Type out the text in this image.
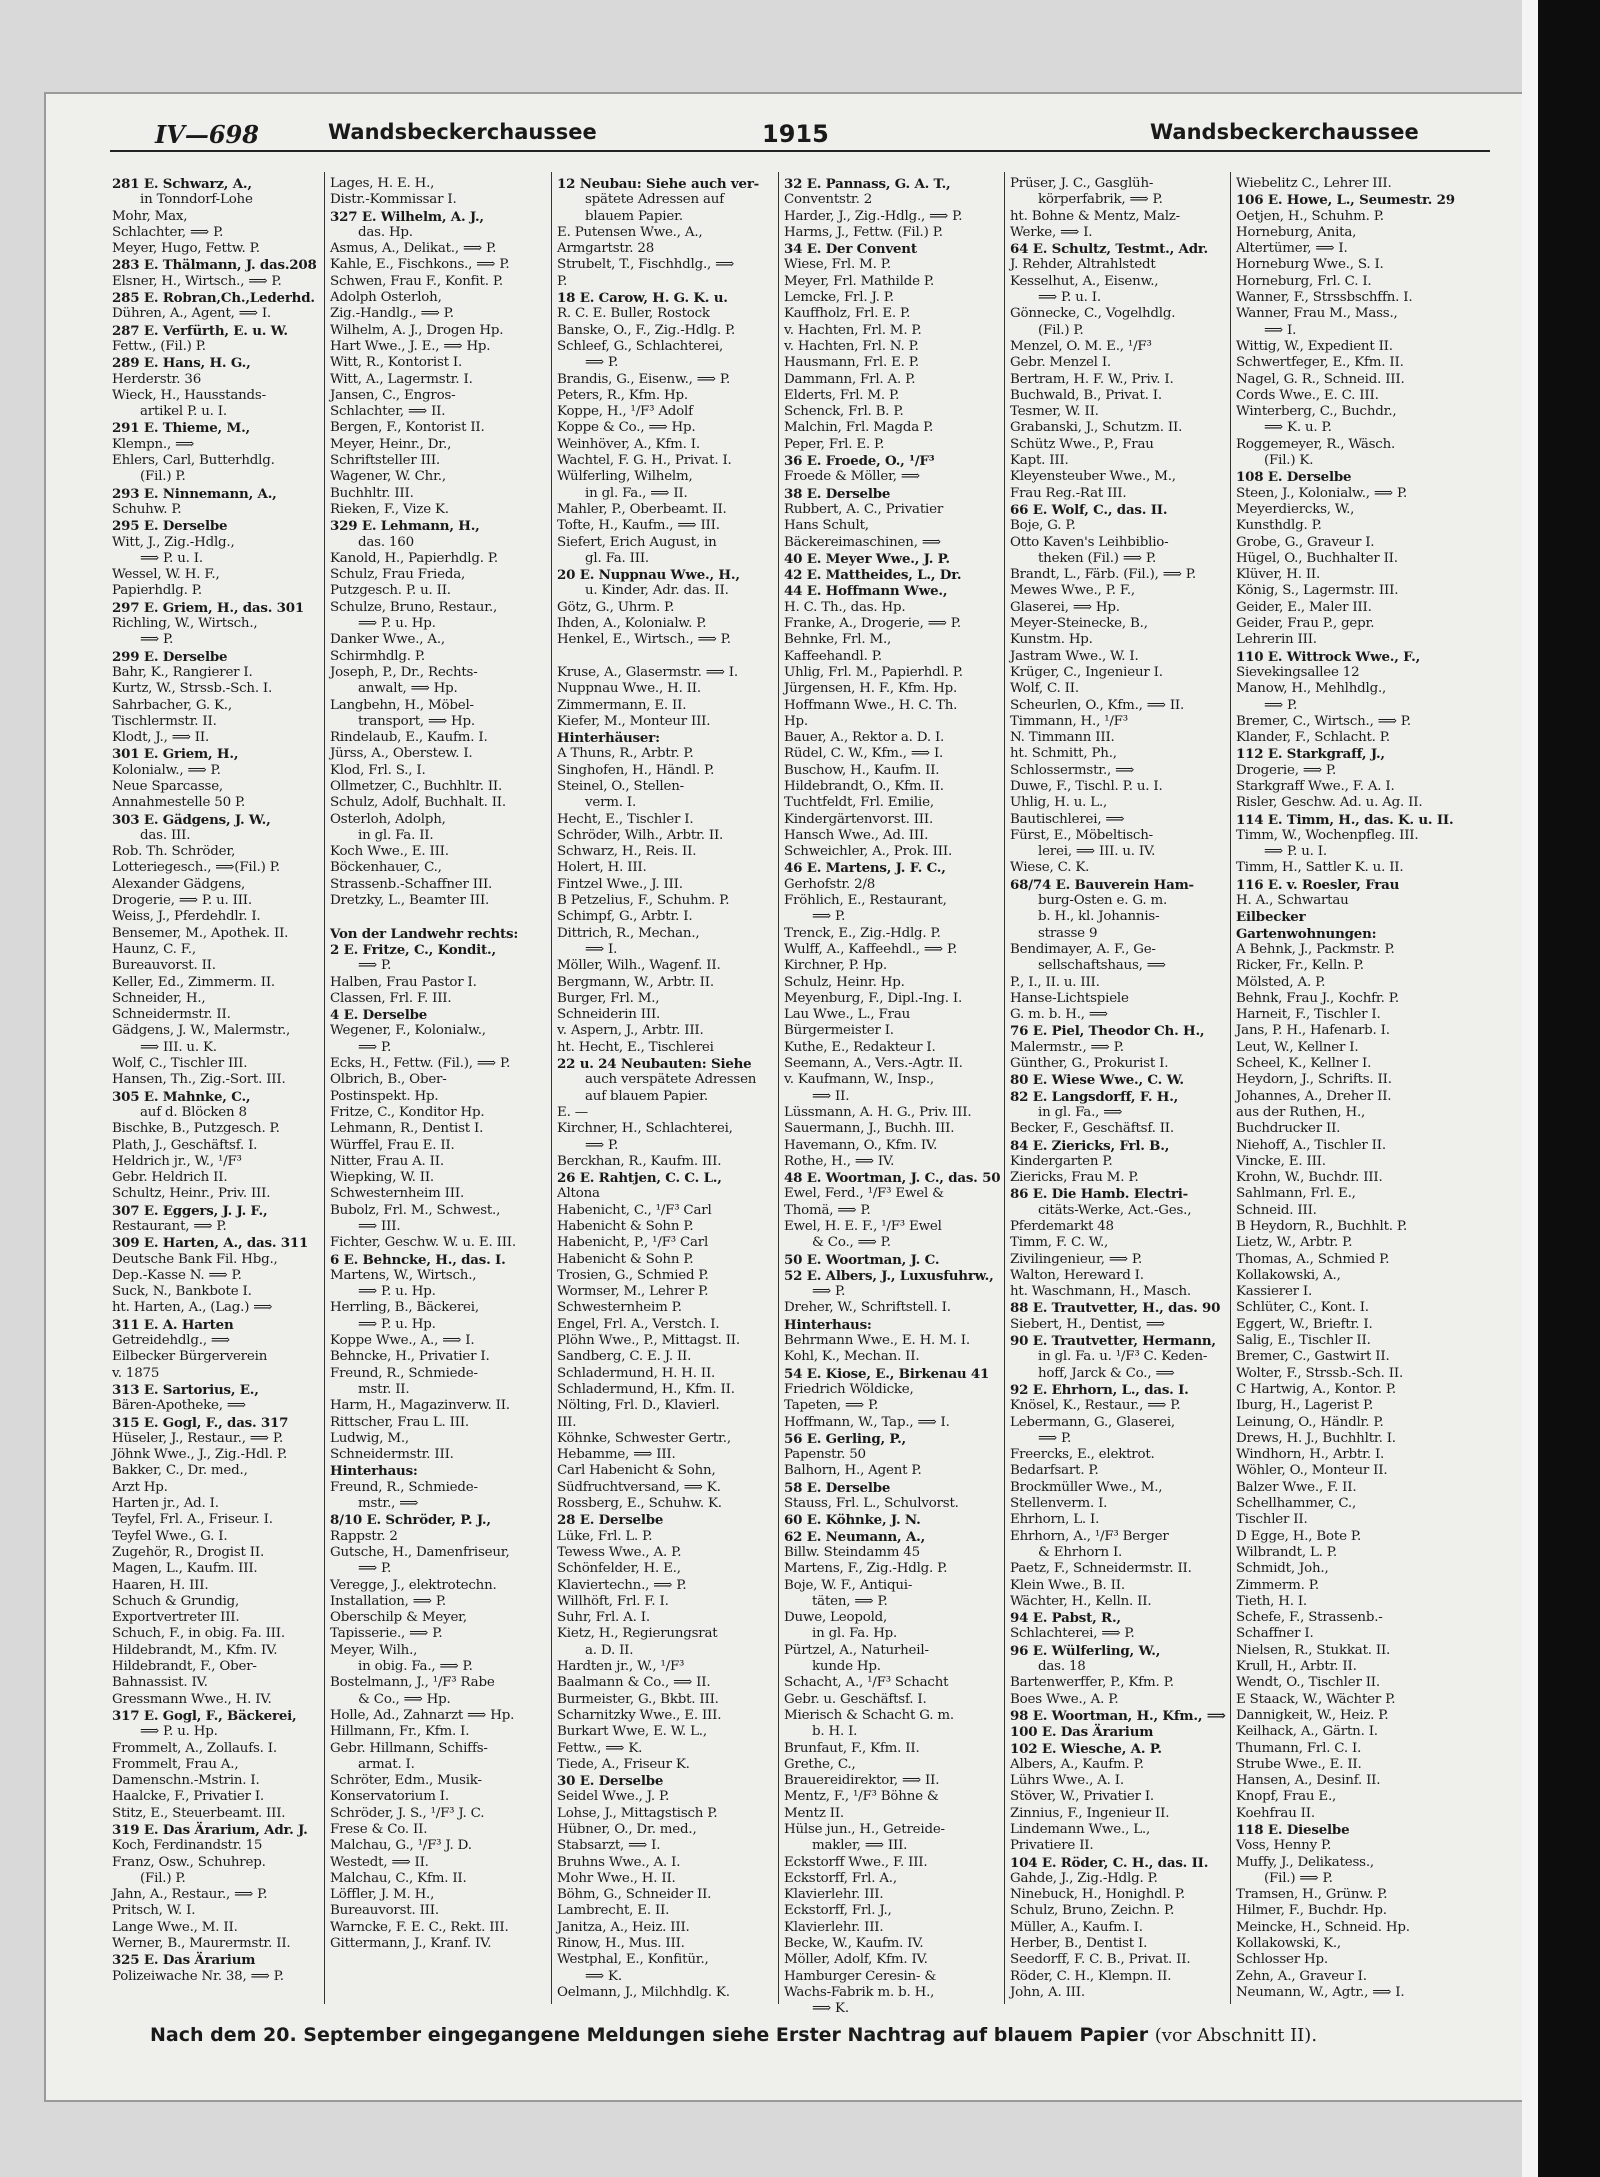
IV—698	Wandsbeckerchaussee	1915	Wandsbeckerchaussee
281 E. Schwarz, A.,
in Tonndorf-Lohe
Mohr, Max,
Schlachter, ⟹ P.
Meyer, Hugo, Fettw. P.
283 E. Thälmann, J. das.208
Elsner, H., Wirtsch., ⟹ P.
285 E. Robran,Ch.,Lederhd.
Dühren, A., Agent, ⟹ I.
287 E. Verfürth, E. u. W.
Fettw., (Fil.) P.
289 E. Hans, H. G.,
Herderstr. 36
Wieck, H., Hausstands-
artikel P. u. I.
291 E. Thieme, M.,
Klempn., ⟹
Ehlers, Carl, Butterhdlg.
(Fil.) P.
293 E. Ninnemann, A.,
Schuhw. P.
295 E. Derselbe
Witt, J., Zig.-Hdlg.,
⟹ P. u. I.
Wessel, W. H. F.,
Papierhdlg. P.
297 E. Griem, H., das. 301
Richling, W., Wirtsch.,
⟹ P.
299 E. Derselbe
Bahr, K., Rangierer I.
Kurtz, W., Strssb.-Sch. I.
Sahrbacher, G. K.,
Tischlermstr. II.
Klodt, J., ⟹ II.
301 E. Griem, H.,
Kolonialw., ⟹ P.
Neue Sparcasse,
Annahmestelle 50 P.
303 E. Gädgens, J. W.,
das. III.
Rob. Th. Schröder,
Lotteriegesch., ⟹(Fil.) P.
Alexander Gädgens,
Drogerie, ⟹ P. u. III.
Weiss, J., Pferdehdlr. I.
Bensemer, M., Apothek. II.
Haunz, C. F.,
Bureauvorst. II.
Keller, Ed., Zimmerm. II.
Schneider, H.,
Schneidermstr. II.
Gädgens, J. W., Malermstr.,
⟹ III. u. K.
Wolf, C., Tischler III.
Hansen, Th., Zig.-Sort. III.
305 E. Mahnke, C.,
auf d. Blöcken 8
Bischke, B., Putzgesch. P.
Plath, J., Geschäftsf. I.
Heldrich jr., W., ¹/F³
Gebr. Heldrich II.
Schultz, Heinr., Priv. III.
307 E. Eggers, J. J. F.,
Restaurant, ⟹ P.
309 E. Harten, A., das. 311
Deutsche Bank Fil. Hbg.,
Dep.-Kasse N. ⟹ P.
Suck, N., Bankbote I.
ht. Harten, A., (Lag.) ⟹
311 E. A. Harten
Getreidehdlg., ⟹
Eilbecker Bürgerverein
v. 1875
313 E. Sartorius, E.,
Bären-Apotheke, ⟹
315 E. Gogl, F., das. 317
Hüseler, J., Restaur., ⟹ P.
Jöhnk Wwe., J., Zig.-Hdl. P.
Bakker, C., Dr. med.,
Arzt Hp.
Harten jr., Ad. I.
Teyfel, Frl. A., Friseur. I.
Teyfel Wwe., G. I.
Zugehör, R., Drogist II.
Magen, L., Kaufm. III.
Haaren, H. III.
Schuch & Grundig,
Exportvertreter III.
Schuch, F., in obig. Fa. III.
Hildebrandt, M., Kfm. IV.
Hildebrandt, F., Ober-
Bahnassist. IV.
Gressmann Wwe., H. IV.
317 E. Gogl, F., Bäckerei,
⟹ P. u. Hp.
Frommelt, A., Zollaufs. I.
Frommelt, Frau A.,
Damenschn.-Mstrin. I.
Haalcke, F., Privatier I.
Stitz, E., Steuerbeamt. III.
319 E. Das Ärarium, Adr. J.
Koch, Ferdinandstr. 15
Franz, Osw., Schuhrep.
(Fil.) P.
Jahn, A., Restaur., ⟹ P.
Pritsch, W. I.
Lange Wwe., M. II.
Werner, B., Maurermstr. II.
325 E. Das Ärarium
Polizeiwache Nr. 38, ⟹ P.
Lages, H. E. H.,
Distr.-Kommissar I.
327 E. Wilhelm, A. J.,
das. Hp.
Asmus, A., Delikat., ⟹ P.
Kahle, E., Fischkons., ⟹ P.
Schwen, Frau F., Konfit. P.
Adolph Osterloh,
Zig.-Handlg., ⟹ P.
Wilhelm, A. J., Drogen Hp.
Hart Wwe., J. E., ⟹ Hp.
Witt, R., Kontorist I.
Witt, A., Lagermstr. I.
Jansen, C., Engros-
Schlachter, ⟹ II.
Bergen, F., Kontorist II.
Meyer, Heinr., Dr.,
Schriftsteller III.
Wagener, W. Chr.,
Buchhltr. III.
Rieken, F., Vize K.
329 E. Lehmann, H.,
das. 160
Kanold, H., Papierhdlg. P.
Schulz, Frau Frieda,
Putzgesch. P. u. II.
Schulze, Bruno, Restaur.,
⟹ P. u. Hp.
Danker Wwe., A.,
Schirmhdlg. P.
Joseph, P., Dr., Rechts-
anwalt, ⟹ Hp.
Langbehn, H., Möbel-
transport, ⟹ Hp.
Rindelaub, E., Kaufm. I.
Jürss, A., Oberstew. I.
Klod, Frl. S., I.
Ollmetzer, C., Buchhltr. II.
Schulz, Adolf, Buchhalt. II.
Osterloh, Adolph,
in gl. Fa. II.
Koch Wwe., E. III.
Böckenhauer, C.,
Strassenb.-Schaffner III.
Dretzky, L., Beamter III.
Von der Landwehr rechts:
2 E. Fritze, C., Kondit.,
⟹ P.
Halben, Frau Pastor I.
Classen, Frl. F. III.
4 E. Derselbe
Wegener, F., Kolonialw.,
⟹ P.
Ecks, H., Fettw. (Fil.), ⟹ P.
Olbrich, B., Ober-
Postinspekt. Hp.
Fritze, C., Konditor Hp.
Lehmann, R., Dentist I.
Würffel, Frau E. II.
Nitter, Frau A. II.
Wiepking, W. II.
Schwesternheim III.
Bubolz, Frl. M., Schwest.,
⟹ III.
Fichter, Geschw. W. u. E. III.
6 E. Behncke, H., das. I.
Martens, W., Wirtsch.,
⟹ P. u. Hp.
Herrling, B., Bäckerei,
⟹ P. u. Hp.
Koppe Wwe., A., ⟹ I.
Behncke, H., Privatier I.
Freund, R., Schmiede-
mstr. II.
Harm, H., Magazinverw. II.
Rittscher, Frau L. III.
Ludwig, M.,
Schneidermstr. III.
Hinterhaus:
Freund, R., Schmiede-
mstr., ⟹
8/10 E. Schröder, P. J.,
Rappstr. 2
Gutsche, H., Damenfriseur,
⟹ P.
Veregge, J., elektrotechn.
Installation, ⟹ P.
Oberschilp & Meyer,
Tapisserie., ⟹ P.
Meyer, Wilh.,
in obig. Fa., ⟹ P.
Bostelmann, J., ¹/F³ Rabe
& Co., ⟹ Hp.
Holle, Ad., Zahnarzt ⟹ Hp.
Hillmann, Fr., Kfm. I.
Gebr. Hillmann, Schiffs-
armat. I.
Schröter, Edm., Musik-
Konservatorium I.
Schröder, J. S., ¹/F³ J. C.
Frese & Co. II.
Malchau, G., ¹/F³ J. D.
Westedt, ⟹ II.
Malchau, C., Kfm. II.
Löffler, J. M. H.,
Bureauvorst. III.
Warncke, F. E. C., Rekt. III.
Gittermann, J., Kranf. IV.
12 Neubau: Siehe auch ver-
spätete Adressen auf
blauem Papier.
E. Putensen Wwe., A.,
Armgartstr. 28
Strubelt, T., Fischhdlg., ⟹
P.
18 E. Carow, H. G. K. u.
R. C. E. Buller, Rostock
Banske, O., F., Zig.-Hdlg. P.
Schleef, G., Schlachterei,
⟹ P.
Brandis, G., Eisenw., ⟹ P.
Peters, R., Kfm. Hp.
Koppe, H., ¹/F³ Adolf
Koppe & Co., ⟹ Hp.
Weinhöver, A., Kfm. I.
Wachtel, F. G. H., Privat. I.
Wülferling, Wilhelm,
in gl. Fa., ⟹ II.
Mahler, P., Oberbeamt. II.
Tofte, H., Kaufm., ⟹ III.
Siefert, Erich August, in
gl. Fa. III.
20 E. Nuppnau Wwe., H.,
u. Kinder, Adr. das. II.
Götz, G., Uhrm. P.
Ihden, A., Kolonialw. P.
Henkel, E., Wirtsch., ⟹ P.
Kruse, A., Glasermstr. ⟹ I.
Nuppnau Wwe., H. II.
Zimmermann, E. II.
Kiefer, M., Monteur III.
Hinterhäuser:
A Thuns, R., Arbtr. P.
Singhofen, H., Händl. P.
Steinel, O., Stellen-
verm. I.
Hecht, E., Tischler I.
Schröder, Wilh., Arbtr. II.
Schwarz, H., Reis. II.
Holert, H. III.
Fintzel Wwe., J. III.
B Petzelius, F., Schuhm. P.
Schimpf, G., Arbtr. I.
Dittrich, R., Mechan.,
⟹ I.
Möller, Wilh., Wagenf. II.
Bergmann, W., Arbtr. II.
Burger, Frl. M.,
Schneiderin III.
v. Aspern, J., Arbtr. III.
ht. Hecht, E., Tischlerei
22 u. 24 Neubauten: Siehe
auch verspätete Adressen
auf blauem Papier.
E. —
Kirchner, H., Schlachterei,
⟹ P.
Berckhan, R., Kaufm. III.
26 E. Rahtjen, C. C. L.,
Altona
Habenicht, C., ¹/F³ Carl
Habenicht & Sohn P.
Habenicht, P., ¹/F³ Carl
Habenicht & Sohn P.
Trosien, G., Schmied P.
Wormser, M., Lehrer P.
Schwesternheim P.
Engel, Frl. A., Verstch. I.
Plöhn Wwe., P., Mittagst. II.
Sandberg, C. E. J. II.
Schladermund, H. H. II.
Schladermund, H., Kfm. II.
Nölting, Frl. D., Klavierl.
III.
Köhnke, Schwester Gertr.,
Hebamme, ⟹ III.
Carl Habenicht & Sohn,
Südfruchtversand, ⟹ K.
Rossberg, E., Schuhw. K.
28 E. Derselbe
Lüke, Frl. L. P.
Tewess Wwe., A. P.
Schönfelder, H. E.,
Klaviertechn., ⟹ P.
Willhöft, Frl. F. I.
Suhr, Frl. A. I.
Kietz, H., Regierungsrat
a. D. II.
Hardten jr., W., ¹/F³
Baalmann & Co., ⟹ II.
Burmeister, G., Bkbt. III.
Scharnitzky Wwe., E. III.
Burkart Wwe, E. W. L.,
Fettw., ⟹ K.
Tiede, A., Friseur K.
30 E. Derselbe
Seidel Wwe., J. P.
Lohse, J., Mittagstisch P.
Hübner, O., Dr. med.,
Stabsarzt, ⟹ I.
Bruhns Wwe., A. I.
Mohr Wwe., H. II.
Böhm, G., Schneider II.
Lambrecht, E. II.
Janitza, A., Heiz. III.
Rinow, H., Mus. III.
Westphal, E., Konfitür.,
⟹ K.
Oelmann, J., Milchhdlg. K.
32 E. Pannass, G. A. T.,
Conventstr. 2
Harder, J., Zig.-Hdlg., ⟹ P.
Harms, J., Fettw. (Fil.) P.
34 E. Der Convent
Wiese, Frl. M. P.
Meyer, Frl. Mathilde P.
Lemcke, Frl. J. P.
Kauffholz, Frl. E. P.
v. Hachten, Frl. M. P.
v. Hachten, Frl. N. P.
Hausmann, Frl. E. P.
Dammann, Frl. A. P.
Elderts, Frl. M. P.
Schenck, Frl. B. P.
Malchin, Frl. Magda P.
Peper, Frl. E. P.
36 E. Froede, O., ¹/F³
Froede & Möller, ⟹
38 E. Derselbe
Rubbert, A. C., Privatier
Hans Schult,
Bäckereimaschinen, ⟹
40 E. Meyer Wwe., J. P.
42 E. Mattheides, L., Dr.
44 E. Hoffmann Wwe.,
H. C. Th., das. Hp.
Franke, A., Drogerie, ⟹ P.
Behnke, Frl. M.,
Kaffeehandl. P.
Uhlig, Frl. M., Papierhdl. P.
Jürgensen, H. F., Kfm. Hp.
Hoffmann Wwe., H. C. Th.
Hp.
Bauer, A., Rektor a. D. I.
Rüdel, C. W., Kfm., ⟹ I.
Buschow, H., Kaufm. II.
Hildebrandt, O., Kfm. II.
Tuchtfeldt, Frl. Emilie,
Kindergärtenvorst. III.
Hansch Wwe., Ad. III.
Schweichler, A., Prok. III.
46 E. Martens, J. F. C.,
Gerhofstr. 2/8
Fröhlich, E., Restaurant,
⟹ P.
Trenck, E., Zig.-Hdlg. P.
Wulff, A., Kaffeehdl., ⟹ P.
Kirchner, P. Hp.
Schulz, Heinr. Hp.
Meyenburg, F., Dipl.-Ing. I.
Lau Wwe., L., Frau
Bürgermeister I.
Kuthe, E., Redakteur I.
Seemann, A., Vers.-Agtr. II.
v. Kaufmann, W., Insp.,
⟹ II.
Lüssmann, A. H. G., Priv. III.
Sauermann, J., Buchh. III.
Havemann, O., Kfm. IV.
Rothe, H., ⟹ IV.
48 E. Woortman, J. C., das. 50
Ewel, Ferd., ¹/F³ Ewel &
Thomä, ⟹ P.
Ewel, H. E. F., ¹/F³ Ewel
& Co., ⟹ P.
50 E. Woortman, J. C.
52 E. Albers, J., Luxusfuhrw.,
⟹ P.
Dreher, W., Schriftstell. I.
Hinterhaus:
Behrmann Wwe., E. H. M. I.
Kohl, K., Mechan. II.
54 E. Kiose, E., Birkenau 41
Friedrich Wöldicke,
Tapeten, ⟹ P.
Hoffmann, W., Tap., ⟹ I.
56 E. Gerling, P.,
Papenstr. 50
Balhorn, H., Agent P.
58 E. Derselbe
Stauss, Frl. L., Schulvorst.
60 E. Köhnke, J. N.
62 E. Neumann, A.,
Billw. Steindamm 45
Martens, F., Zig.-Hdlg. P.
Boje, W. F., Antiqui-
täten, ⟹ P.
Duwe, Leopold,
in gl. Fa. Hp.
Pürtzel, A., Naturheil-
kunde Hp.
Schacht, A., ¹/F³ Schacht
Gebr. u. Geschäftsf. I.
Mierisch & Schacht G. m.
b. H. I.
Brunfaut, F., Kfm. II.
Grethe, C.,
Brauereidirektor, ⟹ II.
Mentz, F., ¹/F³ Böhne &
Mentz II.
Hülse jun., H., Getreide-
makler, ⟹ III.
Eckstorff Wwe., F. III.
Eckstorff, Frl. A.,
Klavierlehr. III.
Eckstorff, Frl. J.,
Klavierlehr. III.
Becke, W., Kaufm. IV.
Möller, Adolf, Kfm. IV.
Hamburger Ceresin- &
Wachs-Fabrik m. b. H.,
⟹ K.
Prüser, J. C., Gasglüh-
körperfabrik, ⟹ P.
ht. Bohne & Mentz, Malz-
Werke, ⟹ I.
64 E. Schultz, Testmt., Adr.
J. Rehder, Altrahlstedt
Kesselhut, A., Eisenw.,
⟹ P. u. I.
Gönnecke, C., Vogelhdlg.
(Fil.) P.
Menzel, O. M. E., ¹/F³
Gebr. Menzel I.
Bertram, H. F. W., Priv. I.
Buchwald, B., Privat. I.
Tesmer, W. II.
Grabanski, J., Schutzm. II.
Schütz Wwe., P., Frau
Kapt. III.
Kleyensteuber Wwe., M.,
Frau Reg.-Rat III.
66 E. Wolf, C., das. II.
Boje, G. P.
Otto Kaven's Leihbiblio-
theken (Fil.) ⟹ P.
Brandt, L., Färb. (Fil.), ⟹ P.
Mewes Wwe., P. F.,
Glaserei, ⟹ Hp.
Meyer-Steinecke, B.,
Kunstm. Hp.
Jastram Wwe., W. I.
Krüger, C., Ingenieur I.
Wolf, C. II.
Scheurlen, O., Kfm., ⟹ II.
Timmann, H., ¹/F³
N. Timmann III.
ht. Schmitt, Ph.,
Schlossermstr., ⟹
Duwe, F., Tischl. P. u. I.
Uhlig, H. u. L.,
Bautischlerei, ⟹
Fürst, E., Möbeltisch-
lerei, ⟹ III. u. IV.
Wiese, C. K.
68/74 E. Bauverein Ham-
burg-Osten e. G. m.
b. H., kl. Johannis-
strasse 9
Bendimayer, A. F., Ge-
sellschaftshaus, ⟹
P., I., II. u. III.
Hanse-Lichtspiele
G. m. b. H., ⟹
76 E. Piel, Theodor Ch. H.,
Malermstr., ⟹ P.
Günther, G., Prokurist I.
80 E. Wiese Wwe., C. W.
82 E. Langsdorff, F. H.,
in gl. Fa., ⟹
Becker, F., Geschäftsf. II.
84 E. Ziericks, Frl. B.,
Kindergarten P.
Ziericks, Frau M. P.
86 E. Die Hamb. Electri-
citäts-Werke, Act.-Ges.,
Pferdemarkt 48
Timm, F. C. W.,
Zivilingenieur, ⟹ P.
Walton, Hereward I.
ht. Waschmann, H., Masch.
88 E. Trautvetter, H., das. 90
Siebert, H., Dentist, ⟹
90 E. Trautvetter, Hermann,
in gl. Fa. u. ¹/F³ C. Keden-
hoff, Jarck & Co., ⟹
92 E. Ehrhorn, L., das. I.
Knösel, K., Restaur., ⟹ P.
Lebermann, G., Glaserei,
⟹ P.
Freercks, E., elektrot.
Bedarfsart. P.
Brockmüller Wwe., M.,
Stellenverm. I.
Ehrhorn, L. I.
Ehrhorn, A., ¹/F³ Berger
& Ehrhorn I.
Paetz, F., Schneidermstr. II.
Klein Wwe., B. II.
Wächter, H., Kelln. II.
94 E. Pabst, R.,
Schlachterei, ⟹ P.
96 E. Wülferling, W.,
das. 18
Bartenwerffer, P., Kfm. P.
Boes Wwe., A. P.
98 E. Woortman, H., Kfm., ⟹
100 E. Das Ärarium
102 E. Wiesche, A. P.
Albers, A., Kaufm. P.
Lührs Wwe., A. I.
Stöver, W., Privatier I.
Zinnius, F., Ingenieur II.
Lindemann Wwe., L.,
Privatiere II.
104 E. Röder, C. H., das. II.
Gahde, J., Zig.-Hdlg. P.
Ninebuck, H., Honighdl. P.
Schulz, Bruno, Zeichn. P.
Müller, A., Kaufm. I.
Herber, B., Dentist I.
Seedorff, F. C. B., Privat. II.
Röder, C. H., Klempn. II.
John, A. III.
Wiebelitz C., Lehrer III.
106 E. Howe, L., Seumestr. 29
Oetjen, H., Schuhm. P.
Horneburg, Anita,
Altertümer, ⟹ I.
Horneburg Wwe., S. I.
Horneburg, Frl. C. I.
Wanner, F., Strssbschffn. I.
Wanner, Frau M., Mass.,
⟹ I.
Wittig, W., Expedient II.
Schwertfeger, E., Kfm. II.
Nagel, G. R., Schneid. III.
Cords Wwe., E. C. III.
Winterberg, C., Buchdr.,
⟹ K. u. P.
Roggemeyer, R., Wäsch.
(Fil.) K.
108 E. Derselbe
Steen, J., Kolonialw., ⟹ P.
Meyerdiercks, W.,
Kunsthdlg. P.
Grobe, G., Graveur I.
Hügel, O., Buchhalter II.
Klüver, H. II.
König, S., Lagermstr. III.
Geider, E., Maler III.
Geider, Frau P., gepr.
Lehrerin III.
110 E. Wittrock Wwe., F.,
Sievekingsallee 12
Manow, H., Mehlhdlg.,
⟹ P.
Bremer, C., Wirtsch., ⟹ P.
Klander, F., Schlacht. P.
112 E. Starkgraff, J.,
Drogerie, ⟹ P.
Starkgraff Wwe., F. A. I.
Risler, Geschw. Ad. u. Ag. II.
114 E. Timm, H., das. K. u. II.
Timm, W., Wochenpfleg. III.
⟹ P. u. I.
Timm, H., Sattler K. u. II.
116 E. v. Roesler, Frau
H. A., Schwartau
Eilbecker
Gartenwohnungen:
A Behnk, J., Packmstr. P.
Ricker, Fr., Kelln. P.
Mölsted, A. P.
Behnk, Frau J., Kochfr. P.
Harneit, F., Tischler I.
Jans, P. H., Hafenarb. I.
Leut, W., Kellner I.
Scheel, K., Kellner I.
Heydorn, J., Schrifts. II.
Johannes, A., Dreher II.
aus der Ruthen, H.,
Buchdrucker II.
Niehoff, A., Tischler II.
Vincke, E. III.
Krohn, W., Buchdr. III.
Sahlmann, Frl. E.,
Schneid. III.
B Heydorn, R., Buchhlt. P.
Lietz, W., Arbtr. P.
Thomas, A., Schmied P.
Kollakowski, A.,
Kassierer I.
Schlüter, C., Kont. I.
Eggert, W., Brieftr. I.
Salig, E., Tischler II.
Bremer, C., Gastwirt II.
Wolter, F., Strssb.-Sch. II.
C Hartwig, A., Kontor. P.
Iburg, H., Lagerist P.
Leinung, O., Händlr. P.
Drews, H. J., Buchhltr. I.
Windhorn, H., Arbtr. I.
Wöhler, O., Monteur II.
Balzer Wwe., F. II.
Schellhammer, C.,
Tischler II.
D Egge, H., Bote P.
Wilbrandt, L. P.
Schmidt, Joh.,
Zimmerm. P.
Tieth, H. I.
Schefe, F., Strassenb.-
Schaffner I.
Nielsen, R., Stukkat. II.
Krull, H., Arbtr. II.
Wendt, O., Tischler II.
E Staack, W., Wächter P.
Dannigkeit, W., Heiz. P.
Keilhack, A., Gärtn. I.
Thumann, Frl. C. I.
Strube Wwe., E. II.
Hansen, A., Desinf. II.
Knopf, Frau E.,
Koehfrau II.
118 E. Dieselbe
Voss, Henny P.
Muffy, J., Delikatess.,
(Fil.) ⟹ P.
Tramsen, H., Grünw. P.
Hilmer, F., Buchdr. Hp.
Meincke, H., Schneid. Hp.
Kollakowski, K.,
Schlosser Hp.
Zehn, A., Graveur I.
Neumann, W., Agtr., ⟹ I.
Nach dem 20. September eingegangene Meldungen siehe Erster Nachtrag auf blauem Papier (vor Abschnitt II).
